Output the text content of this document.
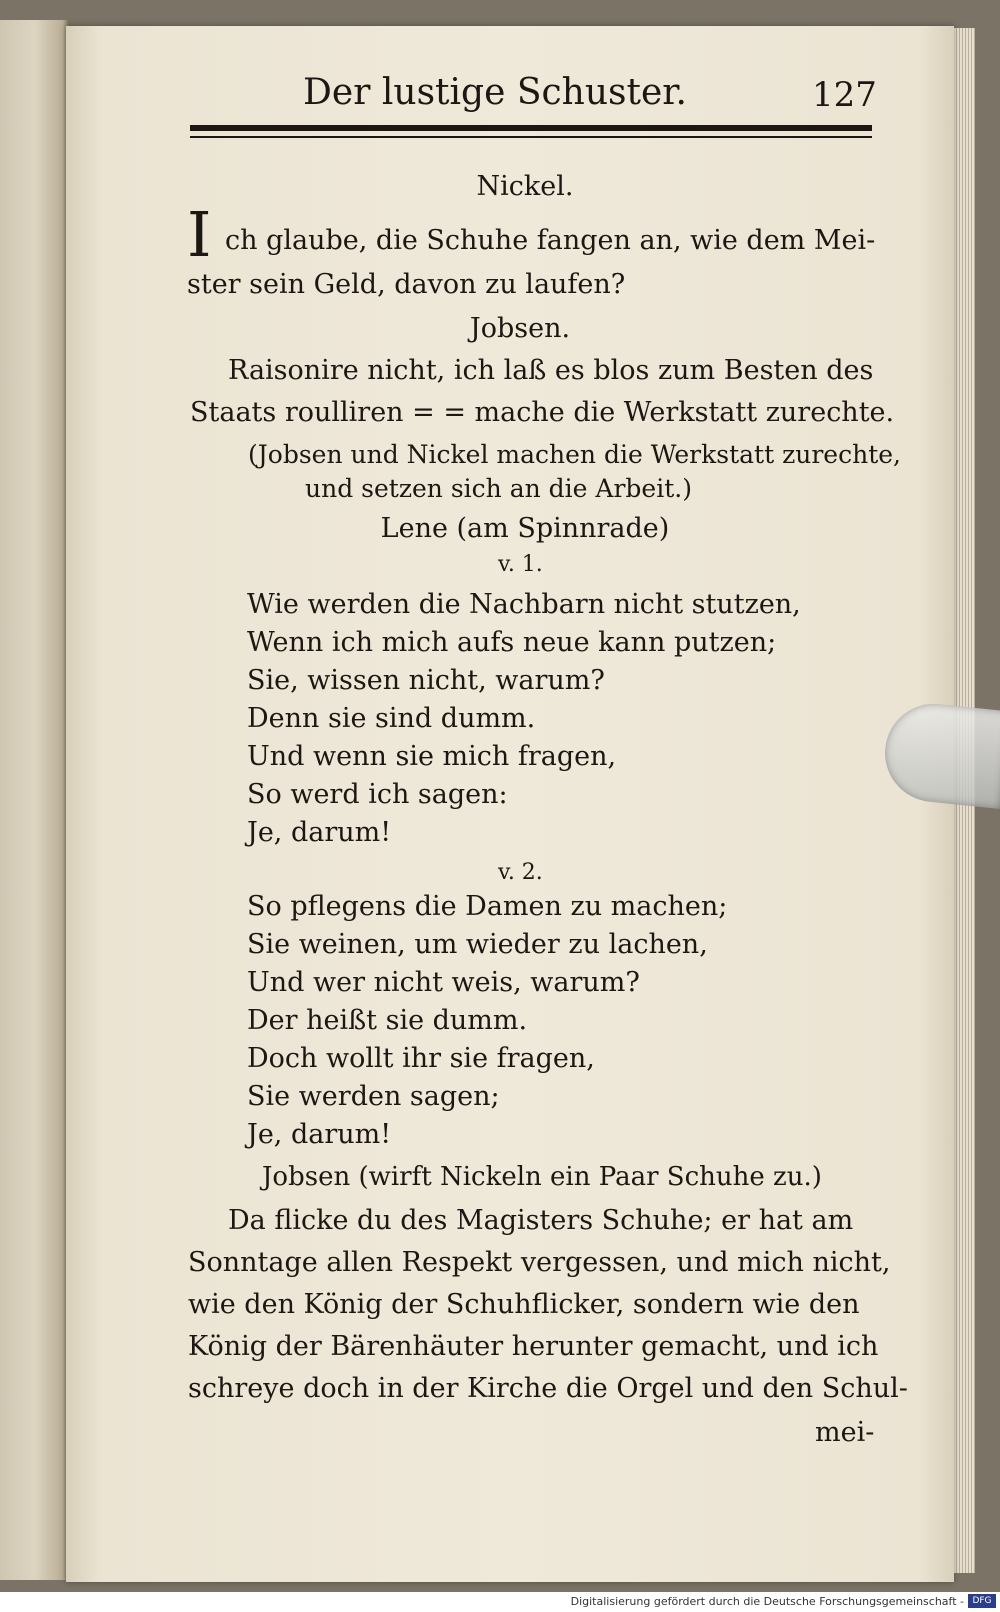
Der lustige Schuster.	127
Nickel.
I ch glaube, die Schuhe fangen an, wie dem Mei-
ster sein Geld, davon zu laufen?
Jobsen.
Raisonire nicht, ich laß es blos zum Besten des
Staats roulliren = = mache die Werkstatt zurechte.
(Jobsen und Nickel machen die Werkstatt zurechte,
und setzen sich an die Arbeit.)
Lene (am Spinnrade)
v. 1.
Wie werden die Nachbarn nicht stutzen,
Wenn ich mich aufs neue kann putzen;
Sie, wissen nicht, warum?
Denn sie sind dumm.
Und wenn sie mich fragen,
So werd ich sagen:
Je, darum!
v. 2.
So pflegens die Damen zu machen;
Sie weinen, um wieder zu lachen,
Und wer nicht weis, warum?
Der heißt sie dumm.
Doch wollt ihr sie fragen,
Sie werden sagen;
Je, darum!
Jobsen (wirft Nickeln ein Paar Schuhe zu.)
Da flicke du des Magisters Schuhe; er hat am
Sonntage allen Respekt vergessen, und mich nicht,
wie den König der Schuhflicker, sondern wie den
König der Bärenhäuter herunter gemacht, und ich
schreye doch in der Kirche die Orgel und den Schul-
mei-
Digitalisierung gefördert durch die Deutsche Forschungsgemeinschaft - DFG
